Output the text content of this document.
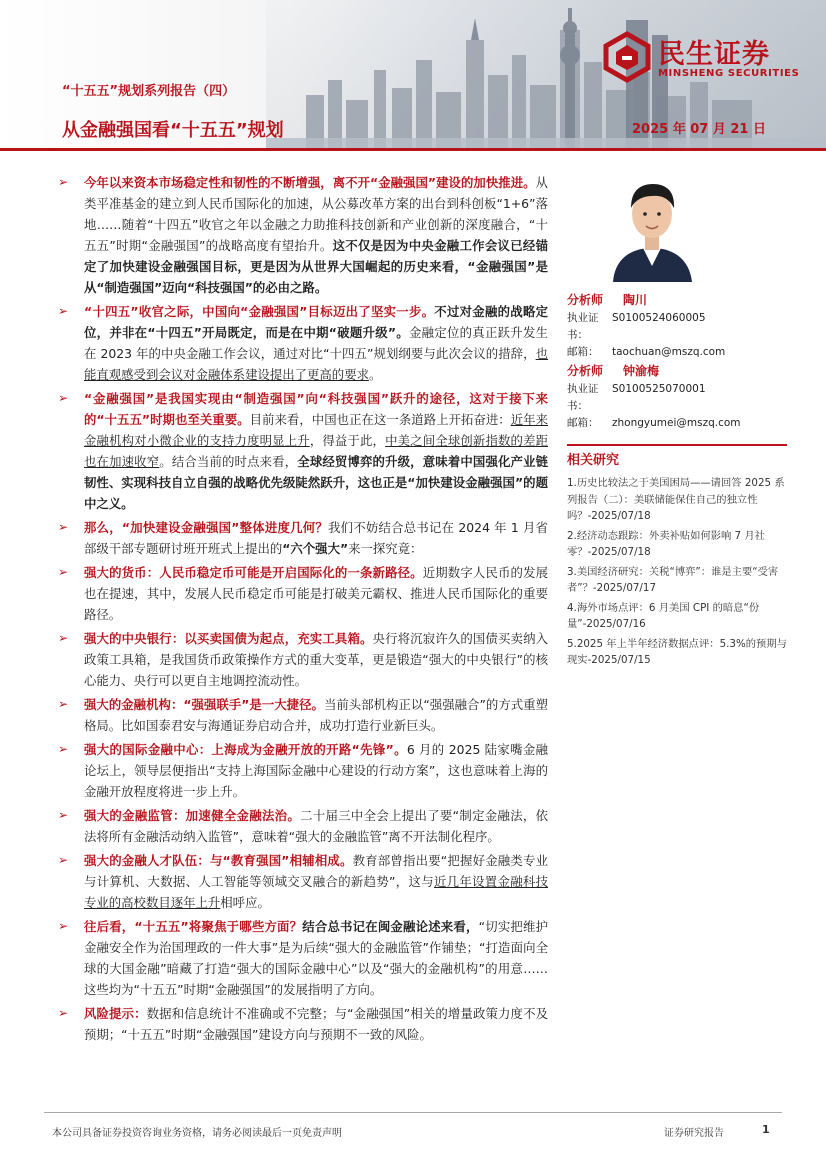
“十五五”规划系列报告（四）
从金融强国看“十五五”规划	2025 年 07 月 21 日
民生证券
MINSHENG SECURITIES
➢ 今年以来资本市场稳定性和韧性的不断增强，离不开“金融强国”建设的加快推进。从类平准基金的建立到人民币国际化的加速，从公募改革方案的出台到科创板“1+6”落地……随着“十四五”收官之年以金融之力助推科技创新和产业创新的深度融合，“十五五”时期“金融强国”的战略高度有望抬升。这不仅是因为中央金融工作会议已经锚定了加快建设金融强国目标，更是因为从世界大国崛起的历史来看，“金融强国”是从“制造强国”迈向“科技强国”的必由之路。
➢ “十四五”收官之际，中国向“金融强国”目标迈出了坚实一步。不过对金融的战略定位，并非在“十四五”开局既定，而是在中期“破题升级”。金融定位的真正跃升发生在 2023 年的中央金融工作会议，通过对比“十四五”规划纲要与此次会议的措辞，也能直观感受到会议对金融体系建设提出了更高的要求。
➢ “金融强国”是我国实现由“制造强国”向“科技强国”跃升的途径，这对于接下来的“十五五”时期也至关重要。目前来看，中国也正在这一条道路上开拓奋进：近年来金融机构对小微企业的支持力度明显上升，得益于此，中美之间全球创新指数的差距也在加速收窄。结合当前的时点来看，全球经贸博弈的升级，意味着中国强化产业链韧性、实现科技自立自强的战略优先级陡然跃升，这也正是“加快建设金融强国”的题中之义。
➢ 那么，“加快建设金融强国”整体进度几何？我们不妨结合总书记在 2024 年 1 月省部级干部专题研讨班开班式上提出的“六个强大”来一探究竟：
➢ 强大的货币：人民币稳定币可能是开启国际化的一条新路径。近期数字人民币的发展也在提速，其中，发展人民币稳定币可能是打破美元霸权、推进人民币国际化的重要路径。
➢ 强大的中央银行：以买卖国债为起点，充实工具箱。央行将沉寂许久的国债买卖纳入政策工具箱，是我国货币政策操作方式的重大变革，更是锻造“强大的中央银行”的核心能力、央行可以更自主地调控流动性。
➢ 强大的金融机构：“强强联手”是一大捷径。当前头部机构正以“强强融合”的方式重塑格局。比如国泰君安与海通证券启动合并，成功打造行业新巨头。
➢ 强大的国际金融中心：上海成为金融开放的开路“先锋”。6 月的 2025 陆家嘴金融论坛上，领导层便指出“支持上海国际金融中心建设的行动方案”，这也意味着上海的金融开放程度将进一步上升。
➢ 强大的金融监管：加速健全金融法治。二十届三中全会上提出了要“制定金融法，依法将所有金融活动纳入监管”，意味着“强大的金融监管”离不开法制化程序。
➢ 强大的金融人才队伍：与“教育强国”相辅相成。教育部曾指出要“把握好金融类专业与计算机、大数据、人工智能等领域交叉融合的新趋势”，这与近几年设置金融科技专业的高校数目逐年上升相呼应。
➢ 往后看，“十五五”将聚焦于哪些方面？结合总书记在闽金融论述来看，“切实把维护金融安全作为治国理政的一件大事”是为后续“强大的金融监管”作铺垫；“打造面向全球的大国金融”暗藏了打造“强大的国际金融中心”以及“强大的金融机构”的用意……这些均为“十五五”时期“金融强国”的发展指明了方向。
➢ 风险提示：数据和信息统计不准确或不完整；与“金融强国”相关的增量政策力度不及预期；“十五五”时期“金融强国”建设方向与预期不一致的风险。
分析师 陶川
执业证书：
S0100524060005
邮箱：	taochuan@mszq.com
分析师 钟渝梅
执业证书：
S0100525070001
邮箱：	zhongyumei@mszq.com
相关研究
1.历史比较法之于美国困局——请回答 2025 系列报告（二）：美联储能保住自己的独立性吗？-2025/07/18
2.经济动态跟踪：外卖补贴如何影响 7 月社零？-2025/07/18
3.美国经济研究：关税“博弈”：谁是主要“受害者”？-2025/07/17
4.海外市场点评：6 月美国 CPI 的暗息“份量”-2025/07/16
5.2025 年上半年经济数据点评：5.3%的预期与现实-2025/07/15
本公司具备证券投资咨询业务资格，请务必阅读最后一页免责声明	证券研究报告	1
